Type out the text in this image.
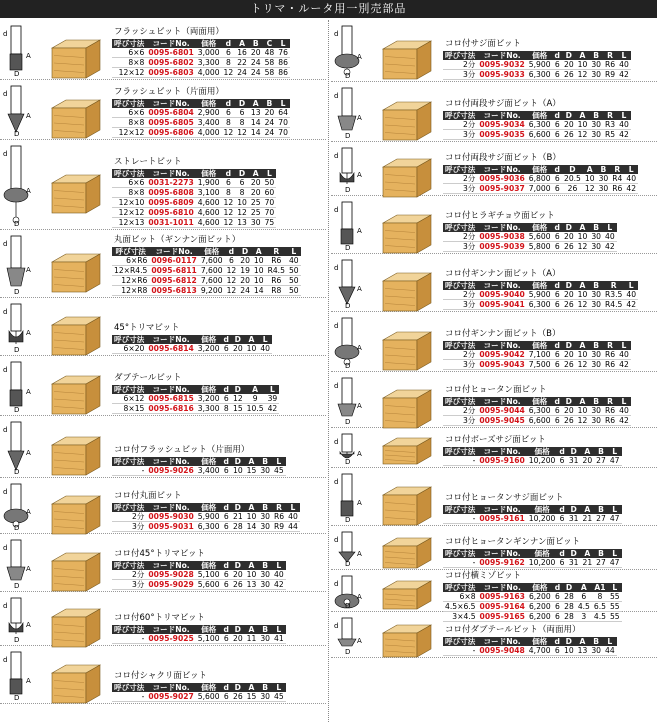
トリマ・ルータ用一別売部品
d
A
D
フラッシュビット（両面用）
呼び寸法	コードNo.	価格	d	A	B	C	L
6×6	0095-6801	3,000	6	16	20	48	76
8×8	0095-6802	3,300	8	22	24	58	86
12×12	0095-6803	4,000	12	24	24	58	86
d
A
D
フラッシュビット（片面用）
呼び寸法	コードNo.	価格	d	D	A	B	L
6×6	0095-6804	2,900	6	6	13	20	64
8×8	0095-6805	3,400	8	8	14	24	70
12×12	0095-6806	4,000	12	12	14	24	70
d
A
D
ストレートビット
呼び寸法	コードNo.	価格	d	D	A	L
6×6	0031-2273	1,900	6	6	20	50
8×8	0095-6808	3,100	8	8	20	60
12×10	0095-6809	4,600	12	10	25	70
12×12	0095-6810	4,600	12	12	25	70
12×13	0031-1011	4,600	12	13	30	75
d
A
D
丸面ビット（ギンナン面ビット）
呼び寸法	コードNo.	価格	d	D	A	R	L
6×R6	0096-0117	7,600	6	20	10	R6	40
12×R4.5	0095-6811	7,600	12	19	10	R4.5	50
12×R6	0095-6812	7,600	12	20	10	R6	50
12×R8	0095-6813	9,200	12	24	14	R8	50
d
A
D
45°トリマビット
呼び寸法	コードNo.	価格	d	D	A	L
6×20	0095-6814	3,200	6	20	10	40
d
A
D
ダブテールビット
呼び寸法	コードNo.	価格	d	D	A	L
6×12	0095-6815	3,200	6	12	9	39
8×15	0095-6816	3,300	8	15	10.5	42
d
A
D
コロ付フラッシュビット（片面用）
呼び寸法	コードNo.	価格	d	D	A	B	L
-	0095-9026	3,400	6	10	15	30	45
d
A
D
コロ付丸面ビット
呼び寸法	コードNo.	価格	d	D	A	B	R	L
2分	0095-9030	5,900	6	21	10	30	R6	40
3分	0095-9031	6,300	6	28	14	30	R9	44
d
A
D
コロ付45°トリマビット
呼び寸法	コードNo.	価格	d	D	A	B	L
2分	0095-9028	5,100	6	20	10	30	40
3分	0095-9029	5,600	6	26	13	30	42
d
A
D
コロ付60°トリマビット
呼び寸法	コードNo.	価格	d	D	A	B	L
-	0095-9025	5,100	6	20	11	30	41
d
A
D
コロ付シャクリ面ビット
呼び寸法	コードNo.	価格	d	D	A	B	L
-	0095-9027	5,600	6	26	15	30	45
d
A
D
コロ付サジ面ビット
呼び寸法	コードNo.	価格	d	D	A	B	R	L
2分	0095-9032	5,900	6	20	10	30	R6	40
3分	0095-9033	6,300	6	26	12	30	R9	42
d
A
D
コロ付両段サジ面ビット（A）
呼び寸法	コードNo.	価格	d	D	A	B	R	L
2分	0095-9034	6,300	6	20	10	30	R3	40
3分	0095-9035	6,600	6	26	12	30	R5	42
d
A
D
コロ付両段サジ面ビット（B）
呼び寸法	コードNo.	価格	d	D	A	B	R	L
2分	0095-9036	6,800	6	20.5	10	30	R4	40
3分	0095-9037	7,000	6	26	12	30	R6	42
d
A
D
コロ付ヒラギチョウ面ビット
呼び寸法	コードNo.	価格	d	D	A	B	L
2分	0095-9038	5,600	6	20	10	30	40
3分	0095-9039	5,800	6	26	12	30	42
d
A
D
コロ付ギンナン面ビット（A）
呼び寸法	コードNo.	価格	d	D	A	B	R	L
2分	0095-9040	5,900	6	20	10	30	R3.5	40
3分	0095-9041	6,300	6	26	12	30	R4.5	42
d
A
D
コロ付ギンナン面ビット（B）
呼び寸法	コードNo.	価格	d	D	A	B	R	L
2分	0095-9042	7,100	6	20	10	30	R6	40
3分	0095-9043	7,500	6	26	12	30	R6	42
d
A
D
コロ付ヒョータン面ビット
呼び寸法	コードNo.	価格	d	D	A	B	R	L
2分	0095-9044	6,300	6	20	10	30	R6	40
3分	0095-9045	6,600	6	26	12	30	R6	42
d
A
D
コロ付ボーズサジ面ビット
呼び寸法	コードNo.	価格	d	D	A	B	L
-	0095-9160	10,200	6	31	20	27	47
d
A
D
コロ付ヒョータンサジ面ビット
呼び寸法	コードNo.	価格	d	D	A	B	L
-	0095-9161	10,200	6	31	21	27	47
d
A
D
コロ付ヒョータンギンナン面ビット
呼び寸法	コードNo.	価格	d	D	A	B	L
-	0095-9162	10,200	6	31	21	27	47
d
A
D
コロ付横ミゾビット
呼び寸法	コードNo.	価格	d	D	A	A1	L
6×8	0095-9163	6,200	6	28	6	8	55
4.5×6.5	0095-9164	6,200	6	28	4.5	6.5	55
3×4.5	0095-9165	6,200	6	28	3	4.5	55
d
A
D
コロ付ダブテールビット（両面用）
呼び寸法	コードNo.	価格	d	D	A	B	L
-	0095-9048	4,700	6	10	13	30	44
